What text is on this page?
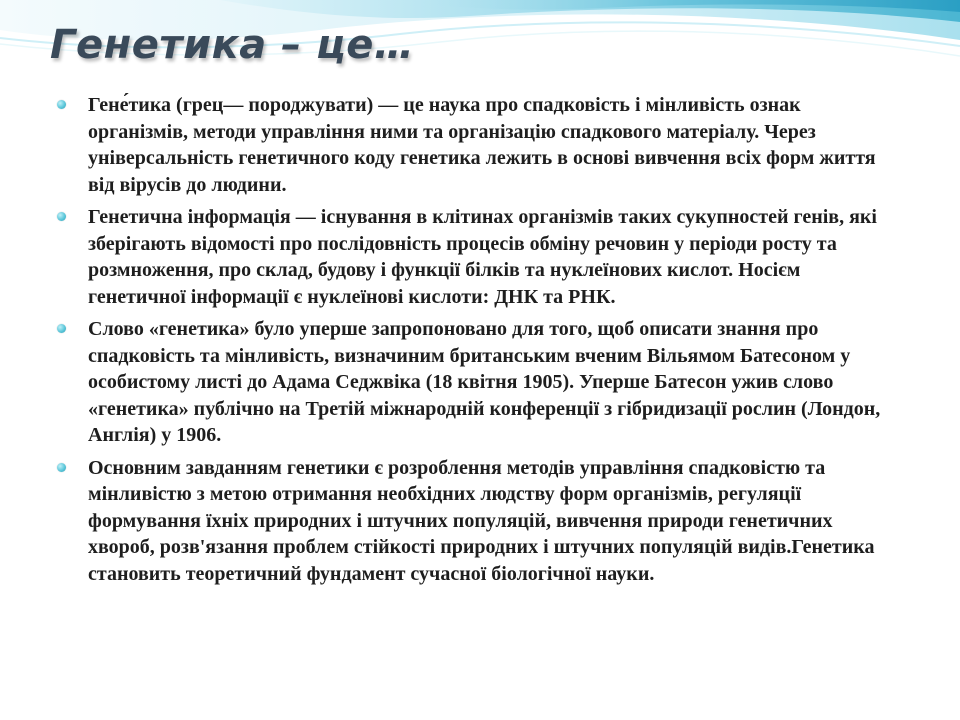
Генетика – це…
Гене́тика (грец— породжувати) — це наука про спадковість і мінливість ознак організмів, методи управління ними та організацію спадкового матеріалу. Через універсальність генетичного коду генетика лежить в основі вивчення всіх форм життя від вірусів до людини.
Генетична інформація — існування в клітинах організмів таких сукупностей генів, які зберігають відомості про послідовність процесів обміну речовин у періоди росту та розмноження, про склад, будову і функції білків та нуклеїнових кислот. Носієм генетичної інформації є нуклеїнові кислоти: ДНК та РНК.
Слово «генетика» було уперше запропоновано для того, щоб описати знання про спадковість та мінливість, визначиним британським вченим Вільямом Батесоном у особистому листі до Адама Седжвіка (18 квітня 1905). Уперше Батесон ужив слово «генетика» публічно на Третій міжнародній конференції з гібридизації рослин (Лондон, Англія) у 1906.
Основним завданням генетики є розроблення методів управління спадковістю та мінливістю з метою отримання необхідних людству форм організмів, регуляції формування їхніх природних і штучних популяцій, вивчення природи генетичних хвороб, розв'язання проблем стійкості природних і штучних популяцій видів.Генетика становить теоретичний фундамент сучасної біологічної науки.
